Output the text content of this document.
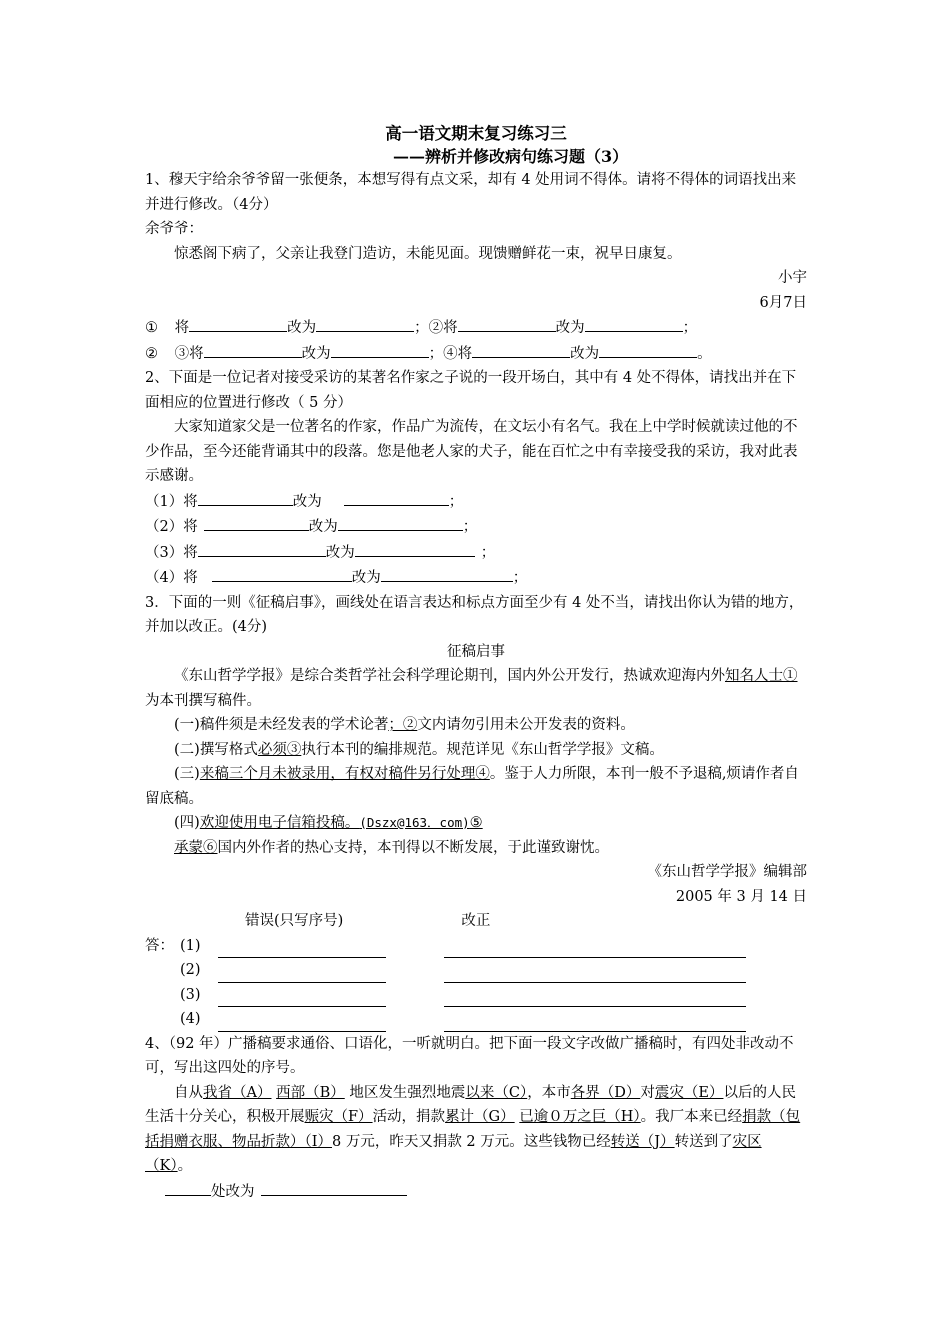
高一语文期末复习练习三
——辨析并修改病句练习题（3）

1、穆天宇给余爷爷留一张便条，本想写得有点文采，却有 4 处用词不得体。请将不得体的词语找出来并进行修改。（4分）

余爷爷：

惊悉阁下病了，父亲让我登门造访，未能见面。现馈赠鲜花一束，祝早日康复。

小宇

6月7日

① 将	改为	；②将	改为	；

② ③将	改为	；④将	改为	。

2、下面是一位记者对接受采访的某著名作家之子说的一段开场白，其中有 4 处不得体，请找出并在下面相应的位置进行修改（ 5 分）

大家知道家父是一位著名的作家，作品广为流传，在文坛小有名气。我在上中学时候就读过他的不少作品，至今还能背诵其中的段落。您是他老人家的犬子，能在百忙之中有幸接受我的采访，我对此表示感谢。

（1）将	改为	；

（2）将	改为	；

（3）将	改为	；

（4）将	改为	；

3．下面的一则《征稿启事》，画线处在语言表达和标点方面至少有 4 处不当，请找出你认为错的地方，并加以改正。(4分)

征稿启事

《东山哲学学报》是综合类哲学社会科学理论期刊，国内外公开发行，热诚欢迎海内外知名人士①为本刊撰写稿件。

(一)稿件须是未经发表的学术论著；②文内请勿引用未公开发表的资料。

(二)撰写格式必须③执行本刊的编排规范。规范详见《东山哲学学报》文稿。

(三)来稿三个月未被录用，有权对稿件另行处理④。鉴于人力所限，本刊一般不予退稿,烦请作者自留底稿。

(四)欢迎使用电子信箱投稿。(Dszx@163．com)⑤

承蒙⑥国内外作者的热心支持，本刊得以不断发展，于此谨致谢忱。

《东山哲学学报》编辑部

2005 年 3 月 14 日

错误(只写序号)	改正

答： (1)
(2)
(3)
(4)

4、（92 年）广播稿要求通俗、口语化，一听就明白。把下面一段文字改做广播稿时，有四处非改动不可，写出这四处的序号。

自从我省（A） 西部（B） 地区发生强烈地震以来（C），本市各界（D）对震灾（E）以后的人民生活十分关心，积极开展赈灾（F）活动，捐款累计（G） 已逾０万之巨（H）。我厂本来已经捐款（包括捐赠衣服、物品折款）（I）8 万元，昨天又捐款 2 万元。这些钱物已经转送（J）转送到了灾区（K）。

处改为
